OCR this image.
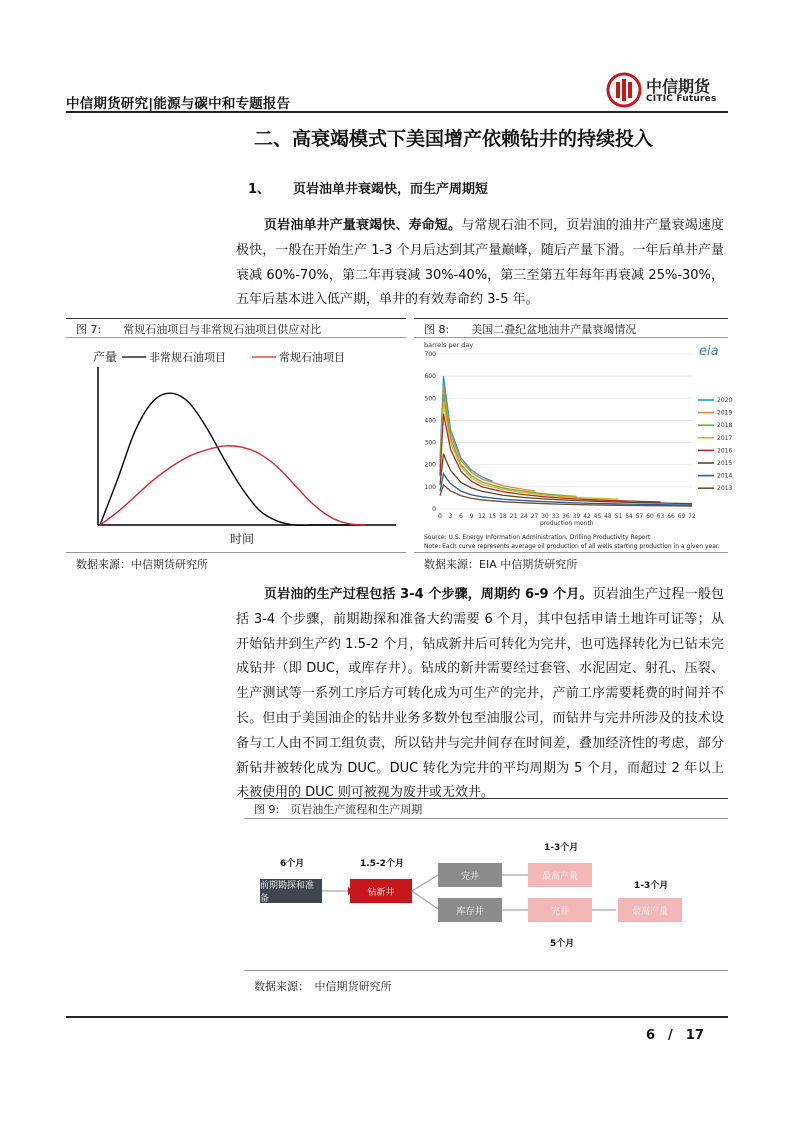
中信期货研究|能源与碳中和专题报告
中信期货
CITIC Futures
二、高衰竭模式下美国增产依赖钻井的持续投入
1、 页岩油单井衰竭快，而生产周期短
页岩油单井产量衰竭快、寿命短。与常规石油不同，页岩油的油井产量衰竭速度极快，一般在开始生产 1-3 个月后达到其产量巅峰，随后产量下滑。一年后单井产量衰减 60%-70%，第二年再衰减 30%-40%，第三至第五年每年再衰减 25%-30%，五年后基本进入低产期，单井的有效寿命约 3-5 年。
图 7:　　常规石油项目与非常规石油项目供应对比
产量	非常规石油项目	常规石油项目
时间
数据来源：中信期货研究所
图 8:　　美国二叠纪盆地油井产量衰竭情况
barrels per day	eia
0
100
200
300
400
500
600
700
0 3 6 9 12 15 18 21 24 27 30 33 36 39 42 45 48 51 54 57 60 63 66 69 72
2020
2019
2018
2017
2016
2015
2014
2013
production month
Source: U.S. Energy Information Administration, Drilling Productivity Report
Note: Each curve represents average oil production of all wells starting production in a given year.
数据来源：EIA 中信期货研究所
页岩油的生产过程包括 3-4 个步骤，周期约 6-9 个月。页岩油生产过程一般包括 3-4 个步骤，前期勘探和准备大约需要 6 个月，其中包括申请土地许可证等；从开始钻井到生产约 1.5-2 个月，钻成新井后可转化为完井，也可选择转化为已钻未完成钻井（即 DUC，或库存井）。钻成的新井需要经过套管、水泥固定、射孔、压裂、生产测试等一系列工序后方可转化成为可生产的完井，产前工序需要耗费的时间并不长。但由于美国油企的钻井业务多数外包至油服公司，而钻井与完井所涉及的技术设备与工人由不同工组负责，所以钻井与完井间存在时间差，叠加经济性的考虑，部分新钻井被转化成为 DUC。DUC 转化为完井的平均周期为 5 个月，而超过 2 年以上未被使用的 DUC 则可被视为废井或无效井。
图 9:　页岩油生产流程和生产周期
6个月	1.5-2个月
1-3个月
1-3个月
5个月
前期勘探和准备
钻新井
完井
库存井
最高产量
完井	最高产量
数据来源：　中信期货研究所
6　/　17
